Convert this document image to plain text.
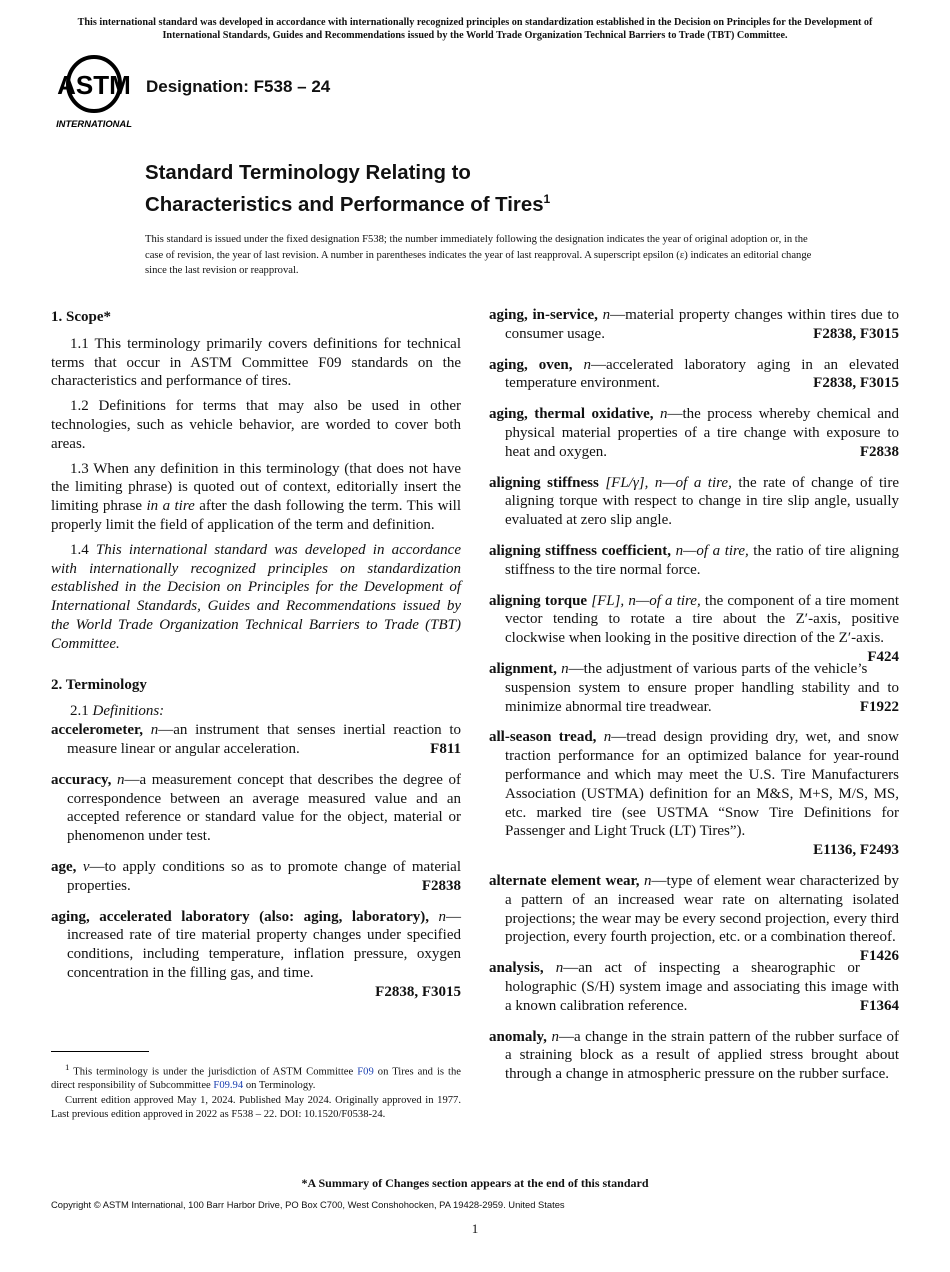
This international standard was developed in accordance with internationally recognized principles on standardization established in the Decision on Principles for the Development of International Standards, Guides and Recommendations issued by the World Trade Organization Technical Barriers to Trade (TBT) Committee.
ASTM
INTERNATIONAL
Designation: F538 – 24
Standard Terminology Relating to
Characteristics and Performance of Tires$^1$
This standard is issued under the fixed designation F538; the number immediately following the designation indicates the year of original adoption or, in the case of revision, the year of last revision. A number in parentheses indicates the year of last reapproval. A superscript epsilon (ε) indicates an editorial change since the last revision or reapproval.
1. Scope*

1.1 This terminology primarily covers definitions for technical terms that occur in ASTM Committee F09 standards on the characteristics and performance of tires.

1.2 Definitions for terms that may also be used in other technologies, such as vehicle behavior, are worded to cover both areas.

1.3 When any definition in this terminology (that does not have the limiting phrase) is quoted out of context, editorially insert the limiting phrase in a tire after the dash following the term. This will properly limit the field of application of the term and definition.

1.4 This international standard was developed in accordance with internationally recognized principles on standardization established in the Decision on Principles for the Development of International Standards, Guides and Recommendations issued by the World Trade Organization Technical Barriers to Trade (TBT) Committee.

2. Terminology
2.1 Definitions:
accelerometer, n—an instrument that senses inertial reaction to measure linear or angular acceleration.	F811
accuracy, n—a measurement concept that describes the degree of correspondence between an average measured value and an accepted reference or standard value for the object, material or phenomenon under test.
age, v—to apply conditions so as to promote change of material properties.	F2838
aging, accelerated laboratory (also: aging, laboratory), n—increased rate of tire material property changes under specified conditions, including temperature, inflation pressure, oxygen concentration in the filling gas, and time.
F2838, F3015
aging, in-service, n—material property changes within tires due to consumer usage.	F2838, F3015
aging, oven, n—accelerated laboratory aging in an elevated temperature environment.	F2838, F3015
aging, thermal oxidative, n—the process whereby chemical and physical material properties of a tire change with exposure to heat and oxygen.	F2838
aligning stiffness [FL/γ], n—of a tire, the rate of change of tire aligning torque with respect to change in tire slip angle, usually evaluated at zero slip angle.
aligning stiffness coefficient, n—of a tire, the ratio of tire aligning stiffness to the tire normal force.
aligning torque [FL], n—of a tire, the component of a tire moment vector tending to rotate a tire about the Z′-axis, positive clockwise when looking in the positive direction of the Z′-axis.
F424
alignment, n—the adjustment of various parts of the vehicle’s suspension system to ensure proper handling stability and to minimize abnormal tire treadwear.	F1922
all-season tread, n—tread design providing dry, wet, and snow traction performance for an optimized balance for year-round performance and which may meet the U.S. Tire Manufacturers Association (USTMA) definition for an M&S, M+S, M/S, MS, etc. marked tire (see USTMA “Snow Tire Definitions for Passenger and Light Truck (LT) Tires”).
E1136, F2493
alternate element wear, n—type of element wear characterized by a pattern of an increased wear rate on alternating isolated projections; the wear may be every second projection, every third projection, every fourth projection, etc. or a combination thereof.
F1426
analysis, n—an act of inspecting a shearographic or holographic (S/H) system image and associating this image with a known calibration reference.	F1364
anomaly, n—a change in the strain pattern of the rubber surface of a straining block as a result of applied stress brought about through a change in atmospheric pressure on the rubber surface.

$^1$ This terminology is under the jurisdiction of ASTM Committee F09 on Tires and is the direct responsibility of Subcommittee F09.94 on Terminology.

Current edition approved May 1, 2024. Published May 2024. Originally approved in 1977. Last previous edition approved in 2022 as F538 – 22. DOI: 10.1520/F0538-24.

*A Summary of Changes section appears at the end of this standard
Copyright © ASTM International, 100 Barr Harbor Drive, PO Box C700, West Conshohocken, PA 19428-2959. United States
1
